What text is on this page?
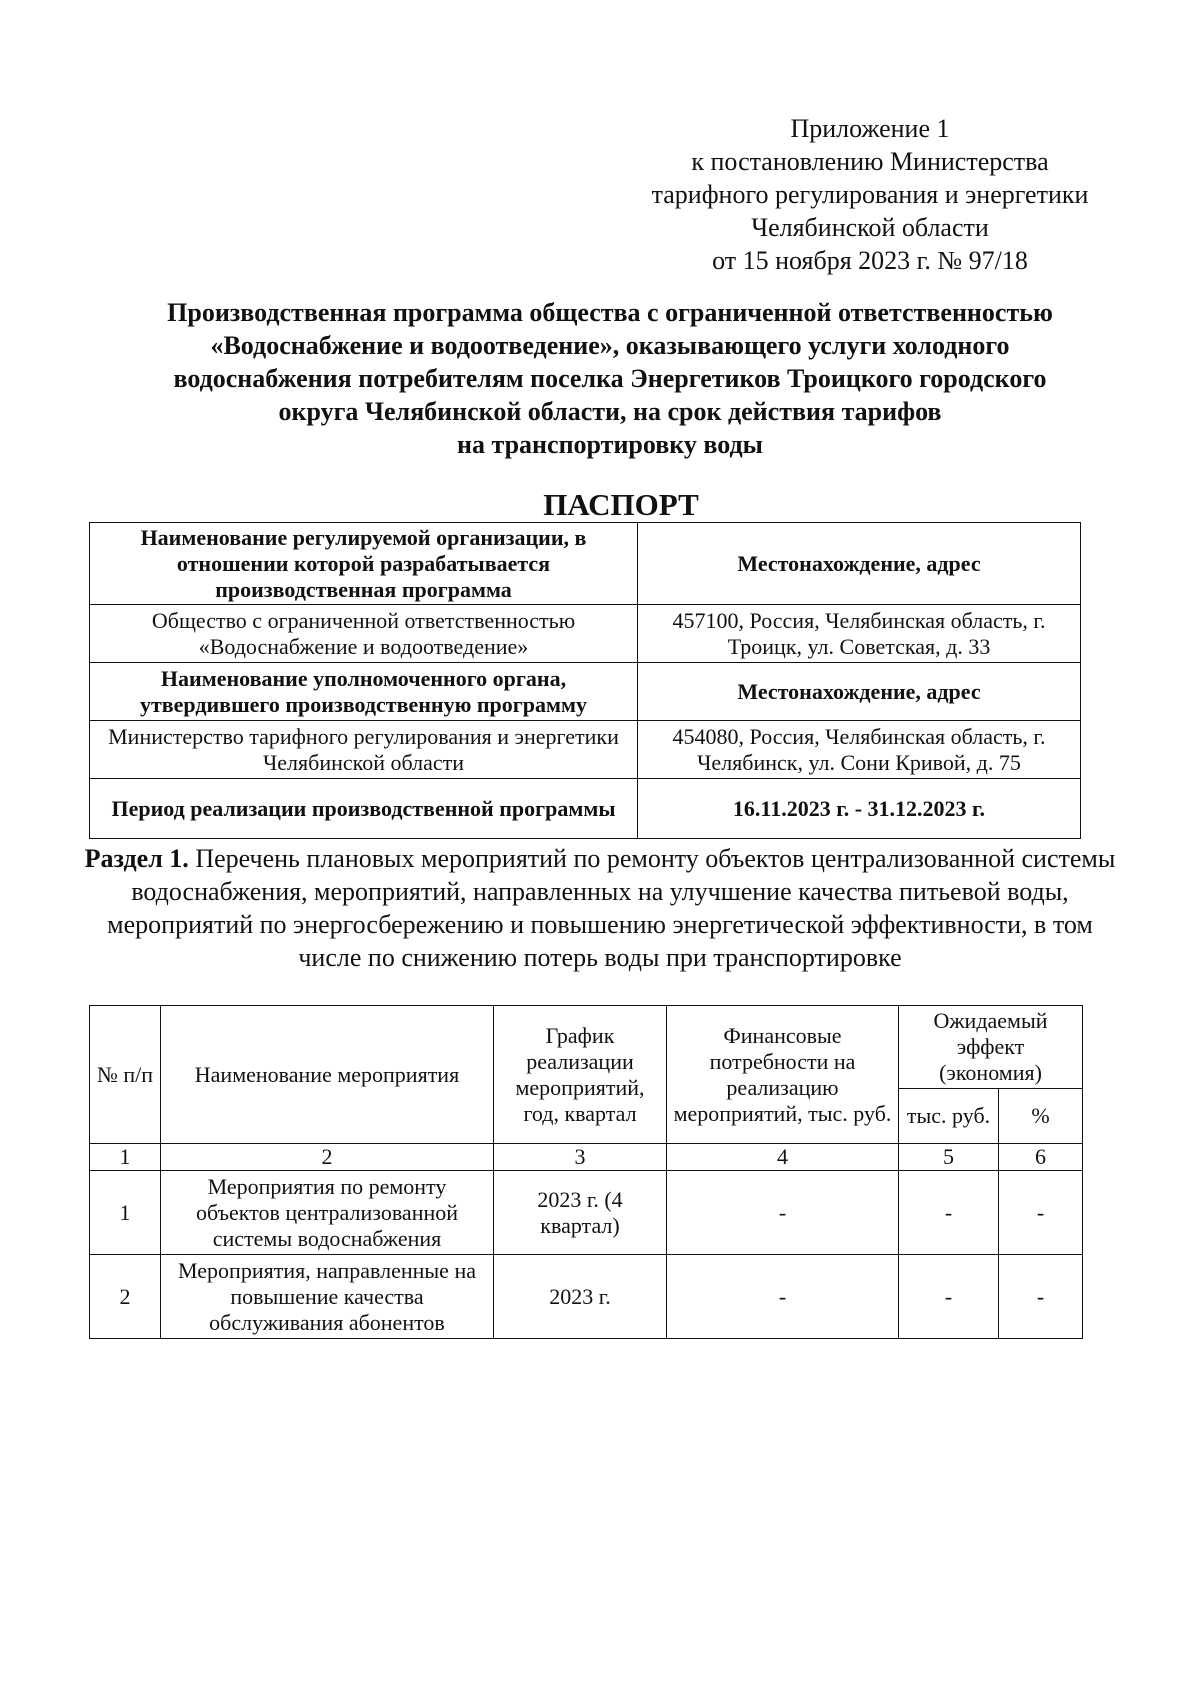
Приложение 1
к постановлению Министерства
тарифного регулирования и энергетики
Челябинской области
от 15 ноября 2023 г. № 97/18
Производственная программа общества с ограниченной ответственностью
«Водоснабжение и водоотведение», оказывающего услуги холодного
водоснабжения потребителям поселка Энергетиков Троицкого городского
округа Челябинской области, на срок действия тарифов
на транспортировку воды
ПАСПОРТ
Наименование регулируемой организации, в отношении которой разрабатывается производственная программа	Местонахождение, адрес
Общество с ограниченной ответственностью «Водоснабжение и водоотведение»	457100, Россия, Челябинская область, г. Троицк, ул. Советская, д. 33
Наименование уполномоченного органа, утвердившего производственную программу	Местонахождение, адрес
Министерство тарифного регулирования и энергетики Челябинской области	454080, Россия, Челябинская область, г. Челябинск, ул. Сони Кривой, д. 75
Период реализации производственной программы	16.11.2023 г. - 31.12.2023 г.
Раздел 1. Перечень плановых мероприятий по ремонту объектов централизованной системы водоснабжения, мероприятий, направленных на улучшение качества питьевой воды, мероприятий по энергосбережению и повышению энергетической эффективности, в том числе по снижению потерь воды при транспортировке
№ п/п	Наименование мероприятия	График реализации мероприятий, год, квартал	Финансовые потребности на реализацию мероприятий, тыс. руб.	Ожидаемый эффект (экономия)	
				тыс. руб.	%
1	2	3	4	5	6
1	Мероприятия по ремонту объектов централизованной системы водоснабжения	2023 г. (4 квартал)	-	-	-
2	Мероприятия, направленные на повышение качества обслуживания абонентов	2023 г.	-	-	-
